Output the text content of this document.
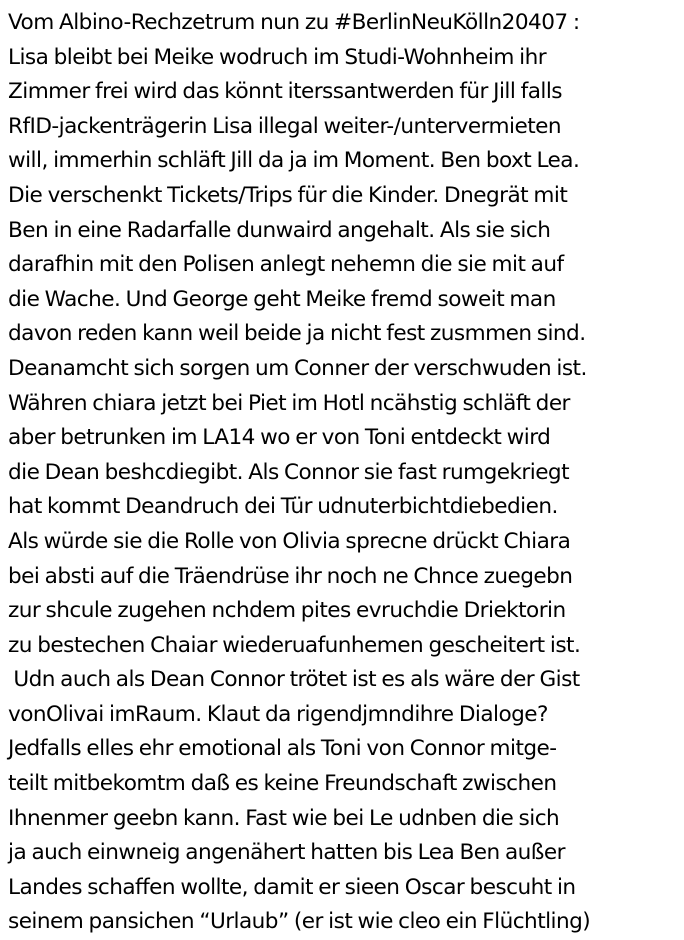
Vom Albino-Rechzetrum nun zu #BerlinNeuKölln20407 :
Lisa bleibt bei Meike wodruch im Studi-Wohnheim ihr
Zimmer frei wird das könnt iterssantwerden für Jill falls
RfID-jackenträgerin Lisa illegal weiter-/untervermieten
will, immerhin schläft Jill da ja im Moment. Ben boxt Lea.
Die verschenkt Tickets/Trips für die Kinder. Dnegrät mit
Ben in eine Radarfalle dunwaird angehalt. Als sie sich
darafhin mit den Polisen anlegt nehemn die sie mit auf
die Wache. Und George geht Meike fremd soweit man
davon reden kann weil beide ja nicht fest zusmmen sind.
Deanamcht sich sorgen um Conner der verschwuden ist.
Währen chiara jetzt bei Piet im Hotl ncähstig schläft der
aber betrunken im LA14 wo er von Toni entdeckt wird
die Dean beshcdiegibt. Als Connor sie fast rumgekriegt
hat kommt Deandruch dei Tür udnuterbichtdiebedien.
Als würde sie die Rolle von Olivia sprecne drückt Chiara
bei absti auf die Träendrüse ihr noch ne Chnce zuegebn
zur shcule zugehen nchdem pites evruchdie Driektorin
zu bestechen Chaiar wiederuafunhemen gescheitert ist.
Udn auch als Dean Connor trötet ist es als wäre der Gist
vonOlivai imRaum. Klaut da rigendjmndihre Dialoge?
Jedfalls elles ehr emotional als Toni von Connor mitge-
teilt mitbekomtm daß es keine Freundschaft zwischen
Ihnenmer geebn kann. Fast wie bei Le udnben die sich
ja auch einwneig angenähert hatten bis Lea Ben außer
Landes schaffen wollte, damit er sieen Oscar bescuht in
seinem pansichen “Urlaub” (er ist wie cleo ein Flüchtling)
